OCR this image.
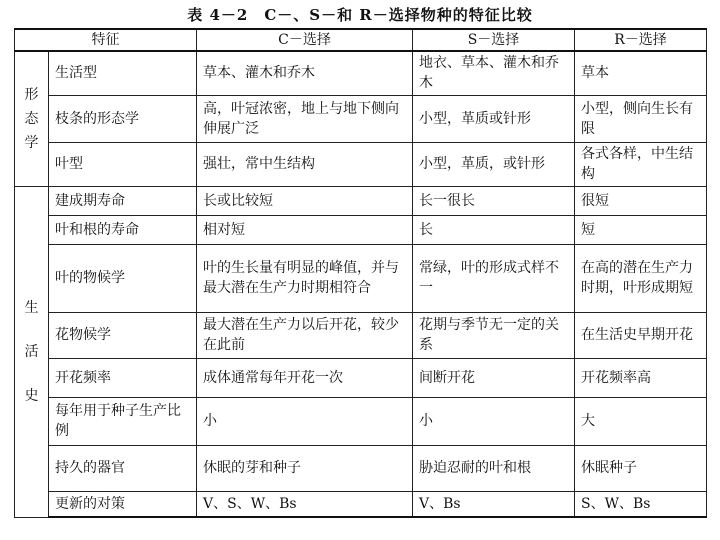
表 4－2　C－、S－和 R－选择物种的特征比较
特征		C－选择	S－选择	R－选择

形态学	生活型	草本、灌木和乔木	地衣、草本、灌木和乔木	草本
	枝条的形态学	高，叶冠浓密，地上与地下侧向伸展广泛	小型，革质或针形	小型，侧向生长有限
	叶型	强壮，常中生结构	小型，革质，或针形	各式各样，中生结构

生活史	建成期寿命	长或比较短	长一很长	很短
	叶和根的寿命	相对短	长	短
	叶的物候学	叶的生长量有明显的峰值，并与最大潜在生产力时期相符合	常绿，叶的形成式样不一	在高的潜在生产力时期，叶形成期短
	花物候学	最大潜在生产力以后开花，较少在此前	花期与季节无一定的关系	在生活史早期开花
	开花频率	成体通常每年开花一次	间断开花	开花频率高
	每年用于种子生产比例	小	小	大
	持久的器官	休眠的芽和种子	胁迫忍耐的叶和根	休眠种子
	更新的对策	V、S、W、Bs	V、Bs	S、W、Bs
